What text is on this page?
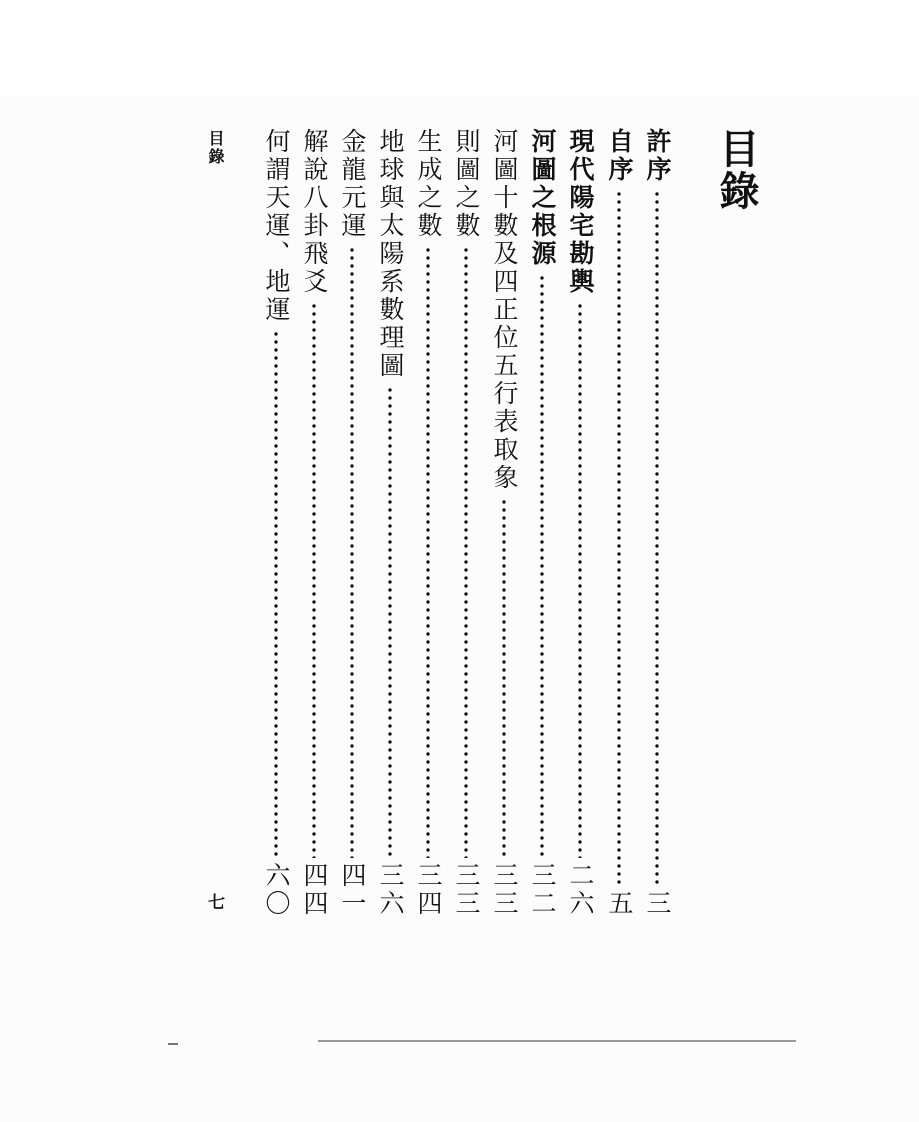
目錄
許序
三
自序
五
現代陽宅勘輿
二六
河圖之根源
三二
河圖十數及四正位五行表取象
三三
則圖之數
三三
生成之數
三四
地球與太陽系數理圖
三六
金龍元運
四一
解說八卦飛爻
四四
何謂天運、地運
六〇
目錄
七
